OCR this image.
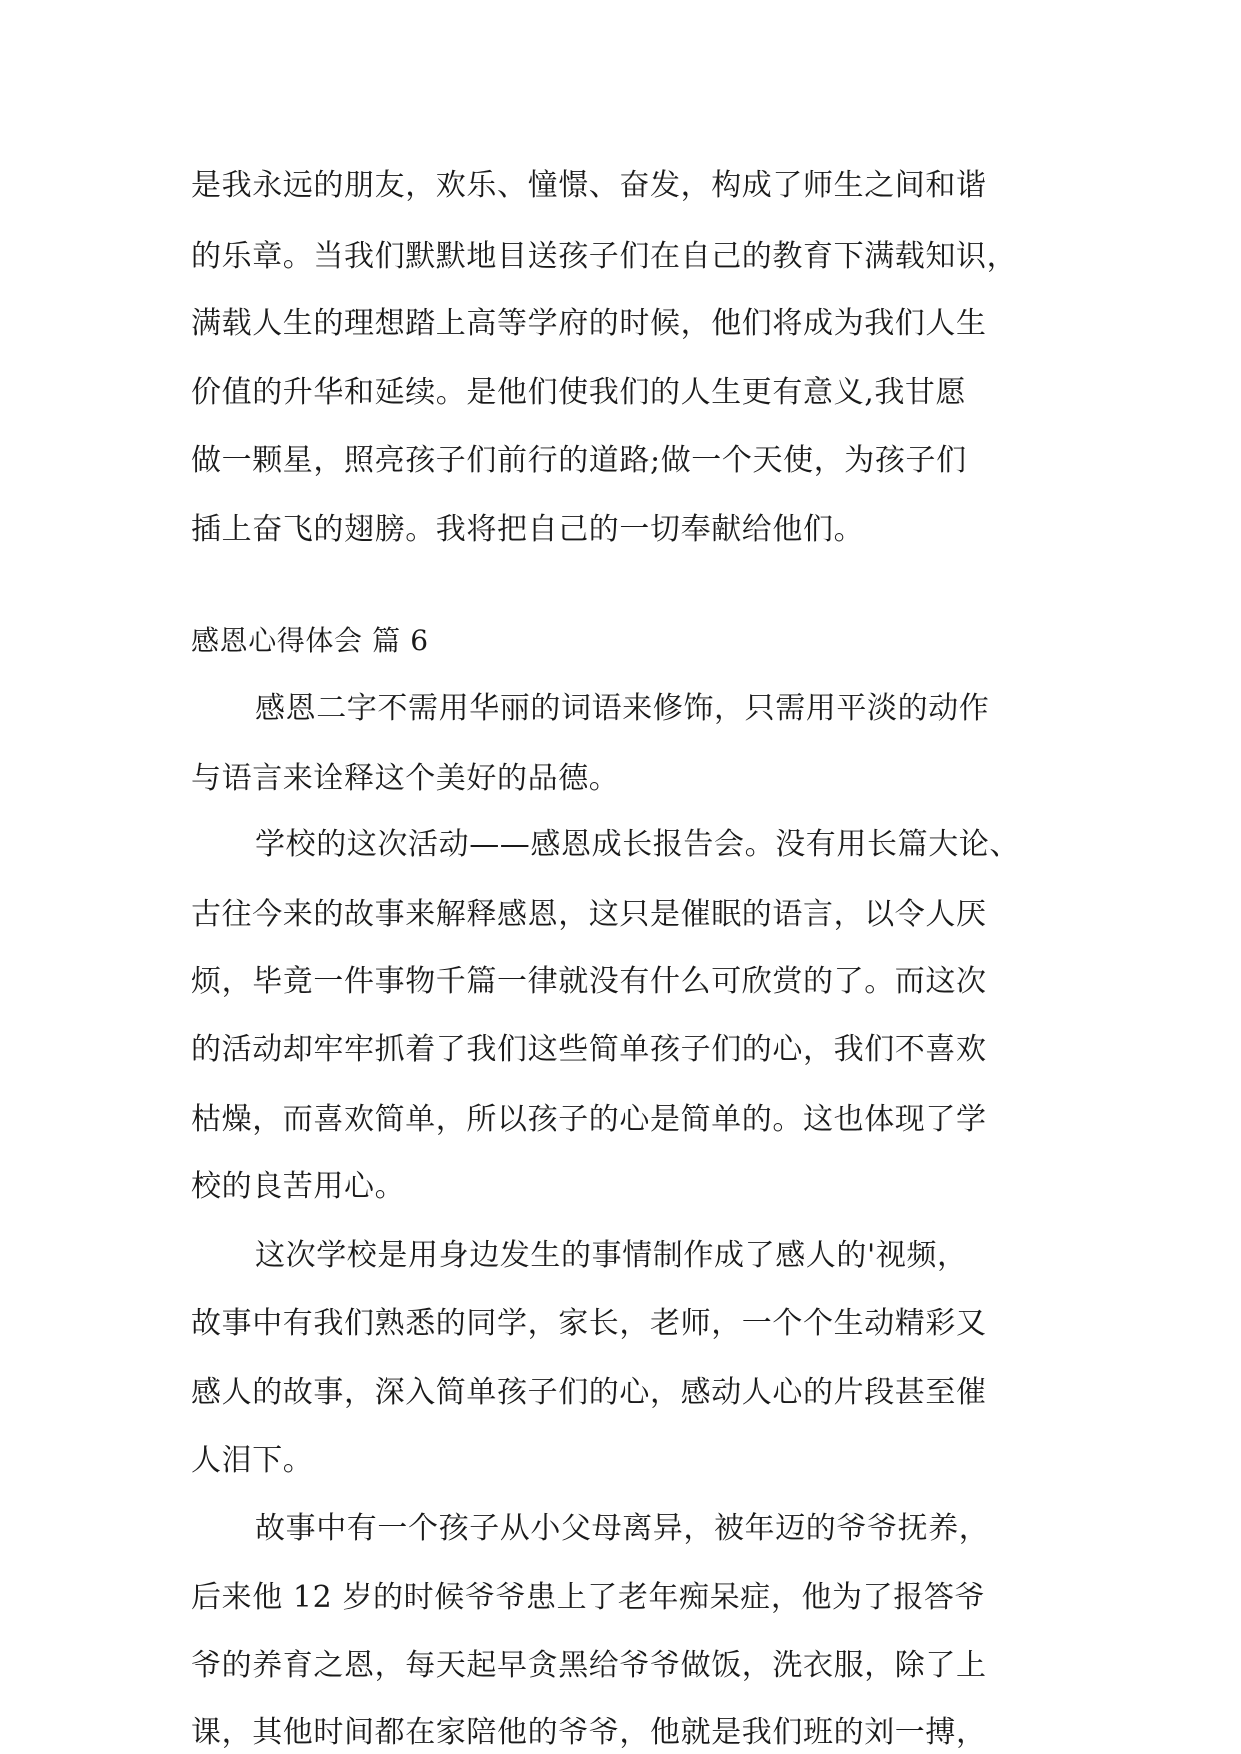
是我永远的朋友，欢乐、憧憬、奋发，构成了师生之间和谐
的乐章。当我们默默地目送孩子们在自己的教育下满载知识，
满载人生的理想踏上高等学府的时候，他们将成为我们人生
价值的升华和延续。是他们使我们的人生更有意义,我甘愿
做一颗星，照亮孩子们前行的道路;做一个天使，为孩子们
插上奋飞的翅膀。我将把自己的一切奉献给他们。
感恩心得体会 篇 6
感恩二字不需用华丽的词语来修饰，只需用平淡的动作
与语言来诠释这个美好的品德。
学校的这次活动——感恩成长报告会。没有用长篇大论、
古往今来的故事来解释感恩，这只是催眠的语言，以令人厌
烦，毕竟一件事物千篇一律就没有什么可欣赏的了。而这次
的活动却牢牢抓着了我们这些简单孩子们的心，我们不喜欢
枯燥，而喜欢简单，所以孩子的心是简单的。这也体现了学
校的良苦用心。
这次学校是用身边发生的事情制作成了感人的'视频，
故事中有我们熟悉的同学，家长，老师，一个个生动精彩又
感人的故事，深入简单孩子们的心，感动人心的片段甚至催
人泪下。
故事中有一个孩子从小父母离异，被年迈的爷爷抚养，
后来他 12 岁的时候爷爷患上了老年痴呆症，他为了报答爷
爷的养育之恩，每天起早贪黑给爷爷做饭，洗衣服，除了上
课，其他时间都在家陪他的爷爷，他就是我们班的刘一搏，
